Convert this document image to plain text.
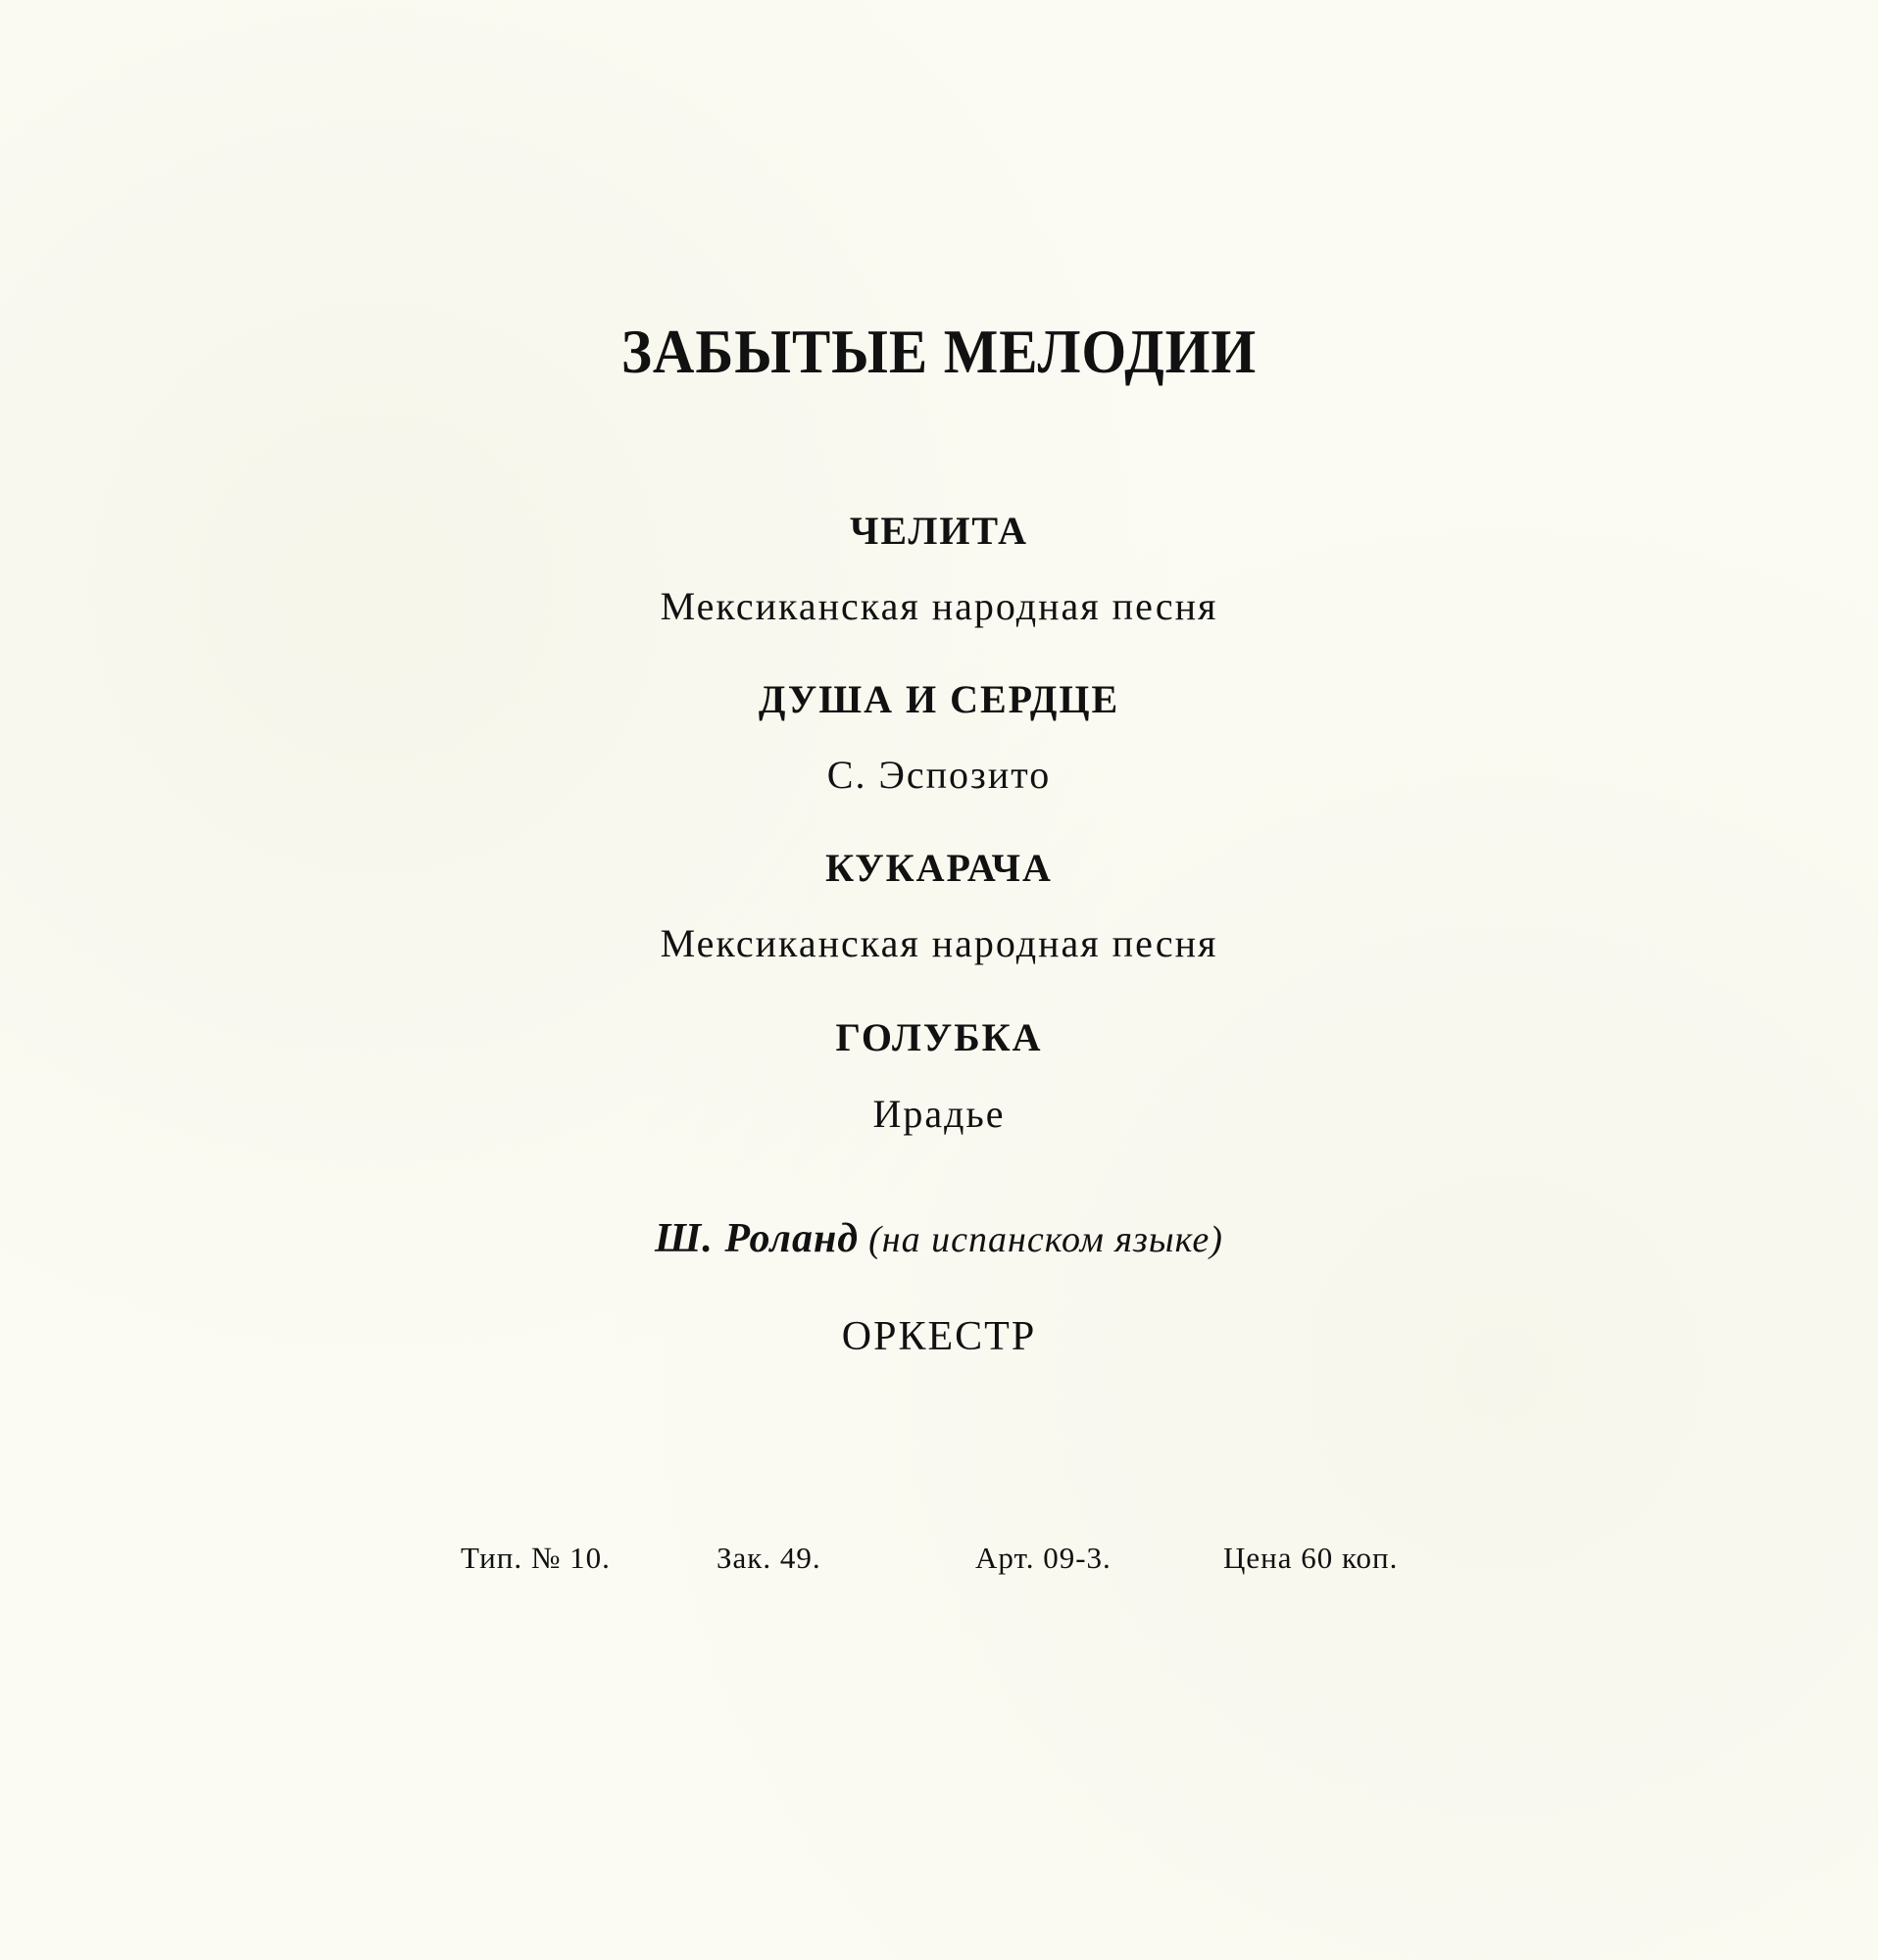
ЗАБЫТЫЕ МЕЛОДИИ
ЧЕЛИТА
Мексиканская народная песня
ДУША И СЕРДЦЕ
С. Эспозито
КУКАРАЧА
Мексиканская народная песня
ГОЛУБКА
Ирадье
Ш. Роланд (на испанском языке)
ОРКЕСТР
Тип. № 10.	Зак. 49.	Арт. 09-3.	Цена 60 коп.
